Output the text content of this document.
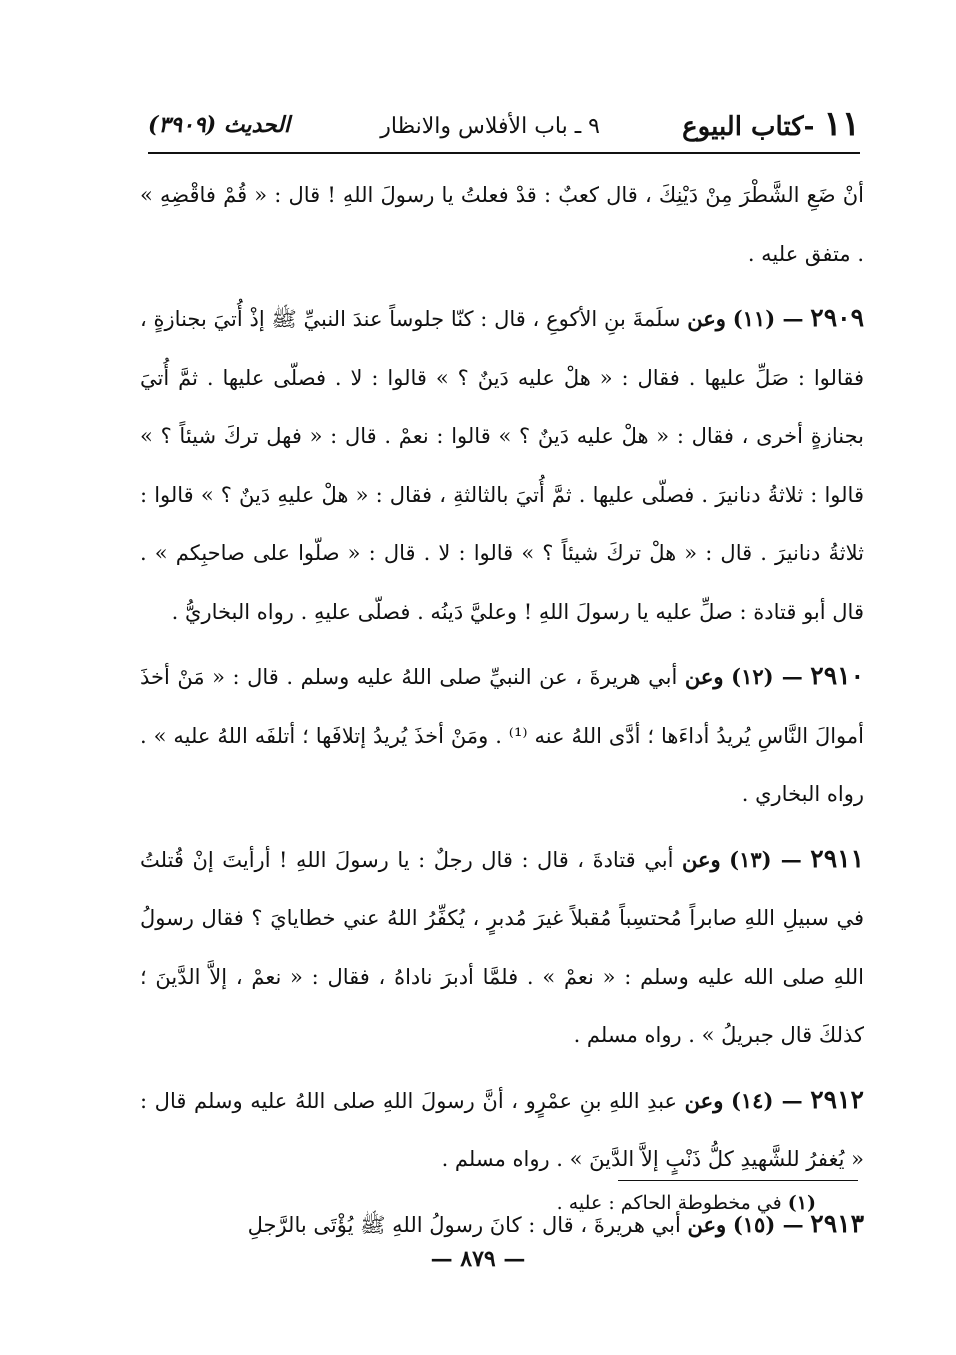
١١ -كتاب البيوع
٩ ـ باب الأفلاس والانظار
الحديث (٣٩٠٩)

أنْ ضَعِ الشَّطْرَ مِنْ دَيْنِكَ ، قال كعبٌ : قدْ فعلتُ يا رسولَ اللهِ ! قال : « قُمْ فاقْضِهِ » . متفق عليه .

٢٩٠٩ — (١١) وعن سلَمةَ بنِ الأكوعِ ، قال : كنّا جلوساً عندَ النبيِّ ﷺ إذْ أُتيَ بجنازةٍ ، فقالوا : صَلِّ عليها . فقال : « هلْ عليه دَينٌ ؟ » قالوا : لا . فصلّى عليها . ثمَّ أُتيَ بجنازةٍ أخرى ، فقال : « هلْ عليه دَينٌ ؟ » قالوا : نعمْ . قال : « فهل تركَ شيئاً ؟ » قالوا : ثلاثةُ دنانيرَ . فصلّى عليها . ثمَّ أُتيَ بالثالثةِ ، فقال : « هلْ عليهِ دَينٌ ؟ » قالوا : ثلاثةُ دنانيرَ . قال : « هلْ تركَ شيئاً ؟ » قالوا : لا . قال : « صلّوا على صاحبِكم » . قال أبو قتادة : صلِّ عليه يا رسولَ اللهِ ! وعليَّ دَينُه . فصلّى عليهِ . رواه البخاريُّ .

٢٩١٠ — (١٢) وعن أبي هريرةَ ، عن النبيِّ صلى اللهُ عليه وسلم . قال : « مَنْ أخذَ أموالَ النَّاسِ يُريدُ أداءَها ؛ أدَّى اللهُ عنه ⁽¹⁾ . ومَنْ أخذَ يُريدُ إتلافَها ؛ أتلفَه اللهُ عليه » . رواه البخاري .

٢٩١١ — (١٣) وعن أبي قتادةَ ، قال : قال رجلٌ : يا رسولَ اللهِ ! أرأيتَ إنْ قُتلتُ في سبيلِ اللهِ صابراً مُحتسِباً مُقبلاً غيرَ مُدبرٍ ، يُكفِّرُ اللهُ عني خطايايَ ؟ فقال رسولُ اللهِ صلى الله عليه وسلم : « نعمْ » . فلمَّا أدبرَ ناداهُ ، فقال : « نعمْ ، إلاَّ الدَّينَ ؛ كذلكَ قال جبريلُ » . رواه مسلم .

٢٩١٢ — (١٤) وعن عبدِ اللهِ بنِ عمْرٍو ، أنَّ رسولَ اللهِ صلى اللهُ عليه وسلم قال : « يُغفرُ للشَّهيدِ كلُّ ذَنْبٍ إلاَّ الدَّينَ » . رواه مسلم .

٢٩١٣ — (١٥) وعن أبي هريرةَ ، قال : كانَ رسولُ اللهِ ﷺ يُؤْتَى بالرَّجلِ

(١) في مخطوطة الحاكم : عليه .
— ٨٧٩ —
